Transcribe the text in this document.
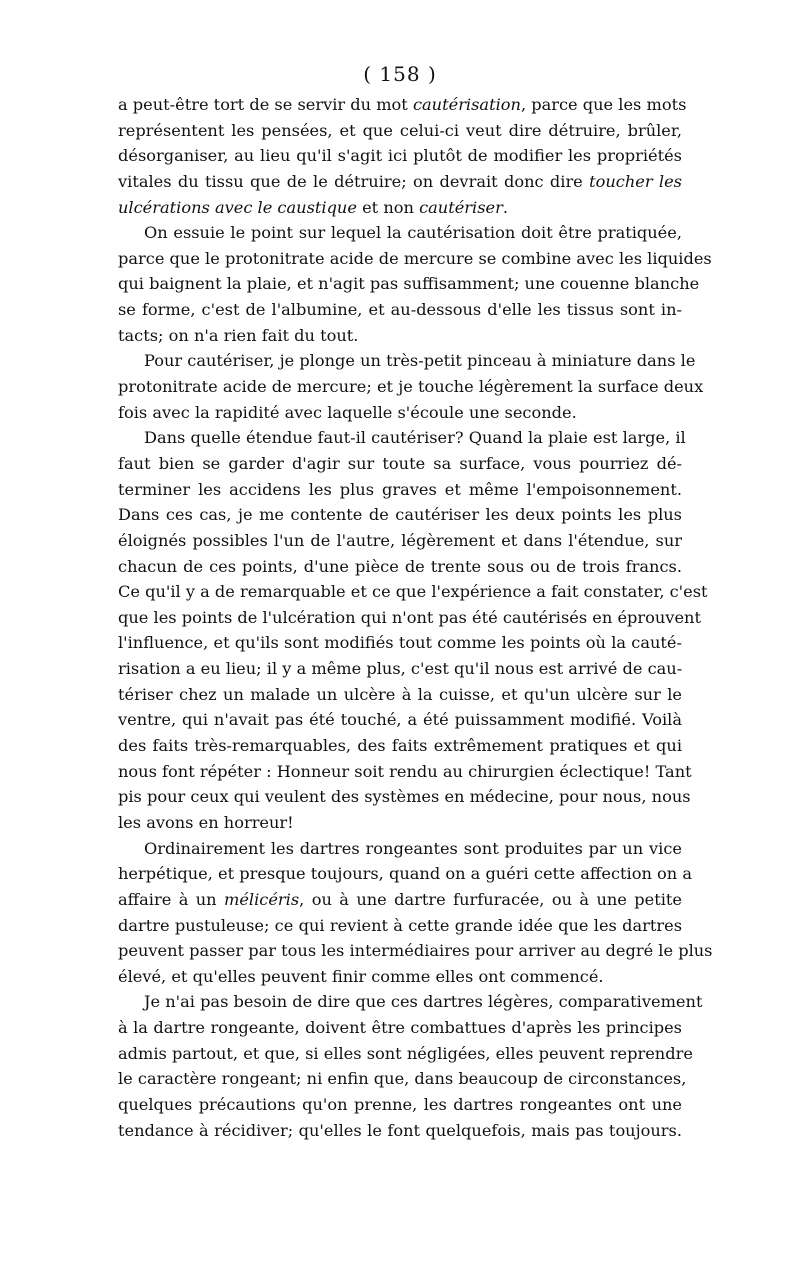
( 158 )

a peut-être tort de se servir du mot cautérisation, parce que les mots
représentent les pensées, et que celui-ci veut dire détruire, brûler,
désorganiser, au lieu qu'il s'agit ici plutôt de modifier les propriétés
vitales du tissu que de le détruire; on devrait donc dire toucher les
ulcérations avec le caustique et non cautériser.
On essuie le point sur lequel la cautérisation doit être pratiquée,
parce que le protonitrate acide de mercure se combine avec les liquides
qui baignent la plaie, et n'agit pas suffisamment; une couenne blanche
se forme, c'est de l'albumine, et au-dessous d'elle les tissus sont in-
tacts; on n'a rien fait du tout.
Pour cautériser, je plonge un très-petit pinceau à miniature dans le
protonitrate acide de mercure; et je touche légèrement la surface deux
fois avec la rapidité avec laquelle s'écoule une seconde.
Dans quelle étendue faut-il cautériser? Quand la plaie est large, il
faut bien se garder d'agir sur toute sa surface, vous pourriez dé-
terminer les accidens les plus graves et même l'empoisonnement.
Dans ces cas, je me contente de cautériser les deux points les plus
éloignés possibles l'un de l'autre, légèrement et dans l'étendue, sur
chacun de ces points, d'une pièce de trente sous ou de trois francs.
Ce qu'il y a de remarquable et ce que l'expérience a fait constater, c'est
que les points de l'ulcération qui n'ont pas été cautérisés en éprouvent
l'influence, et qu'ils sont modifiés tout comme les points où la cauté-
risation a eu lieu; il y a même plus, c'est qu'il nous est arrivé de cau-
tériser chez un malade un ulcère à la cuisse, et qu'un ulcère sur le
ventre, qui n'avait pas été touché, a été puissamment modifié. Voilà
des faits très-remarquables, des faits extrêmement pratiques et qui
nous font répéter : Honneur soit rendu au chirurgien éclectique! Tant
pis pour ceux qui veulent des systèmes en médecine, pour nous, nous
les avons en horreur!
Ordinairement les dartres rongeantes sont produites par un vice
herpétique, et presque toujours, quand on a guéri cette affection on a
affaire à un mélicéris, ou à une dartre furfuracée, ou à une petite
dartre pustuleuse; ce qui revient à cette grande idée que les dartres
peuvent passer par tous les intermédiaires pour arriver au degré le plus
élevé, et qu'elles peuvent finir comme elles ont commencé.
Je n'ai pas besoin de dire que ces dartres légères, comparativement
à la dartre rongeante, doivent être combattues d'après les principes
admis partout, et que, si elles sont négligées, elles peuvent reprendre
le caractère rongeant; ni enfin que, dans beaucoup de circonstances,
quelques précautions qu'on prenne, les dartres rongeantes ont une
tendance à récidiver; qu'elles le font quelquefois, mais pas toujours.
